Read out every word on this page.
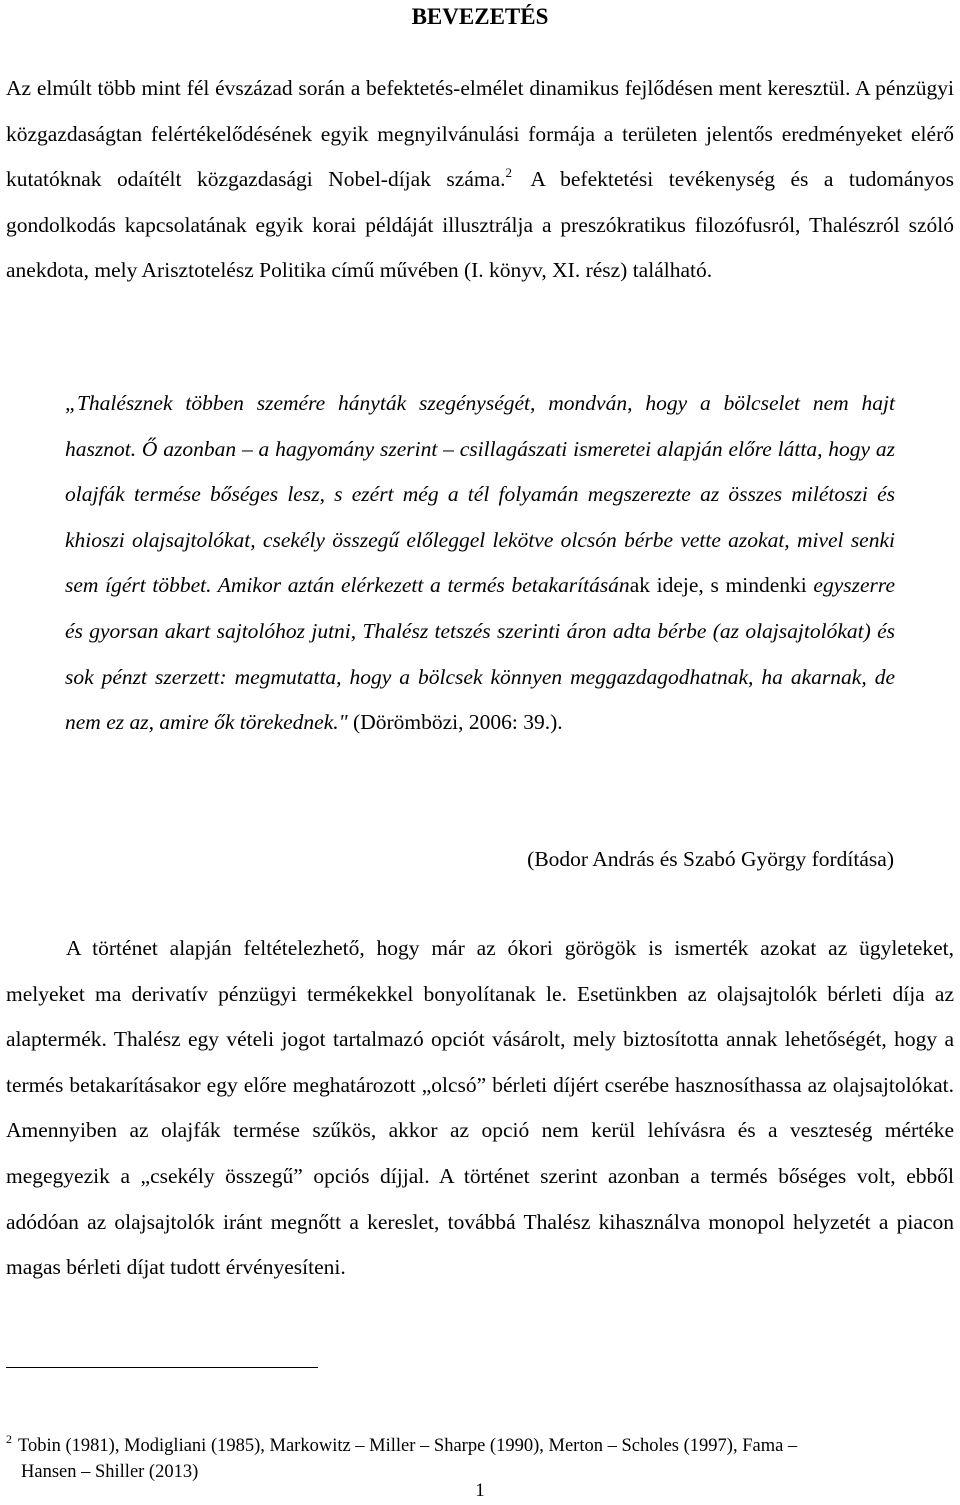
BEVEZETÉS

Az elmúlt több mint fél évszázad során a befektetés-elmélet dinamikus fejlődésen ment keresztül. A pénzügyi közgazdaságtan felértékelődésének egyik megnyilvánulási formája a területen jelentős eredményeket elérő kutatóknak odaítélt közgazdasági Nobel-díjak száma.$^2$ A befektetési tevékenység és a tudományos gondolkodás kapcsolatának egyik korai példáját illusztrálja a preszókratikus filozófusról, Thalészról szóló anekdota, mely Arisztotelész Politika című művében (I. könyv, XI. rész) található.

„Thalésznek többen szemére hányták szegénységét, mondván, hogy a bölcselet nem hajt hasznot. Ő azonban – a hagyomány szerint – csillagászati ismeretei alapján előre látta, hogy az olajfák termése bőséges lesz, s ezért még a tél folyamán megszerezte az összes milétoszi és khioszi olajsajtolókat, csekély összegű előleggel lekötve olcsón bérbe vette azokat, mivel senki sem ígért többet. Amikor aztán elérkezett a termés betakarításának ideje, s mindenki egyszerre és gyorsan akart sajtolóhoz jutni, Thalész tetszés szerinti áron adta bérbe (az olajsajtolókat) és sok pénzt szerzett: megmutatta, hogy a bölcsek könnyen meggazdagodhatnak, ha akarnak, de nem ez az, amire ők törekednek." (Dörömbözi, 2006: 39.).

(Bodor András és Szabó György fordítása)

A történet alapján feltételezhető, hogy már az ókori görögök is ismerték azokat az ügyleteket, melyeket ma derivatív pénzügyi termékekkel bonyolítanak le. Esetünkben az olajsajtolók bérleti díja az alaptermék. Thalész egy vételi jogot tartalmazó opciót vásárolt, mely biztosította annak lehetőségét, hogy a termés betakarításakor egy előre meghatározott „olcsó” bérleti díjért cserébe hasznosíthassa az olajsajtolókat. Amennyiben az olajfák termése szűkös, akkor az opció nem kerül lehívásra és a veszteség mértéke megegyezik a „csekély összegű” opciós díjjal. A történet szerint azonban a termés bőséges volt, ebből adódóan az olajsajtolók iránt megnőtt a kereslet, továbbá Thalész kihasználva monopol helyzetét a piacon magas bérleti díjat tudott érvényesíteni.

$^2$ Tobin (1981), Modigliani (1985), Markowitz – Miller – Sharpe (1990), Merton – Scholes (1997), Fama –
Hansen – Shiller (2013)

1
